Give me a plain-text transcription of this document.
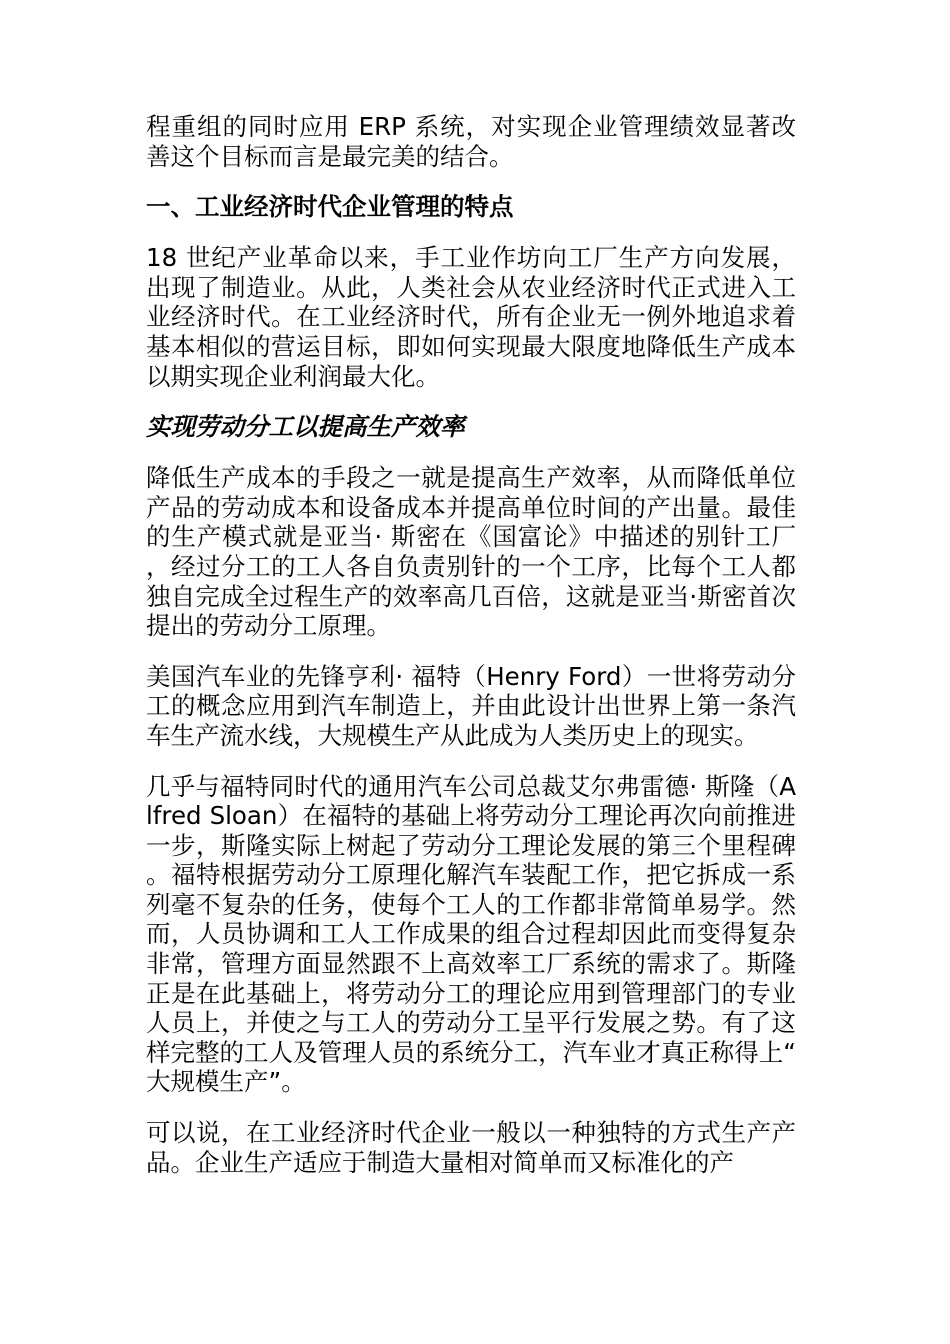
程重组的同时应用 ERP 系统，对实现企业管理绩效显著改善这个目标而言是最完美的结合。

一、工业经济时代企业管理的特点

18 世纪产业革命以来，手工业作坊向工厂生产方向发展，出现了制造业。从此，人类社会从农业经济时代正式进入工业经济时代。在工业经济时代，所有企业无一例外地追求着基本相似的营运目标，即如何实现最大限度地降低生产成本以期实现企业利润最大化。

实现劳动分工以提高生产效率

降低生产成本的手段之一就是提高生产效率，从而降低单位产品的劳动成本和设备成本并提高单位时间的产出量。最佳的生产模式就是亚当· 斯密在《国富论》中描述的别针工厂，经过分工的工人各自负责别针的一个工序，比每个工人都独自完成全过程生产的效率高几百倍，这就是亚当·斯密首次提出的劳动分工原理。

美国汽车业的先锋亨利· 福特（Henry Ford）一世将劳动分工的概念应用到汽车制造上，并由此设计出世界上第一条汽车生产流水线，大规模生产从此成为人类历史上的现实。

几乎与福特同时代的通用汽车公司总裁艾尔弗雷德· 斯隆（Alfred Sloan）在福特的基础上将劳动分工理论再次向前推进一步，斯隆实际上树起了劳动分工理论发展的第三个里程碑。福特根据劳动分工原理化解汽车装配工作，把它拆成一系列毫不复杂的任务，使每个工人的工作都非常简单易学。然而，人员协调和工人工作成果的组合过程却因此而变得复杂非常，管理方面显然跟不上高效率工厂系统的需求了。斯隆正是在此基础上，将劳动分工的理论应用到管理部门的专业人员上，并使之与工人的劳动分工呈平行发展之势。有了这样完整的工人及管理人员的系统分工，汽车业才真正称得上“大规模生产”。

可以说，在工业经济时代企业一般以一种独特的方式生产产品。企业生产适应于制造大量相对简单而又标准化的产
